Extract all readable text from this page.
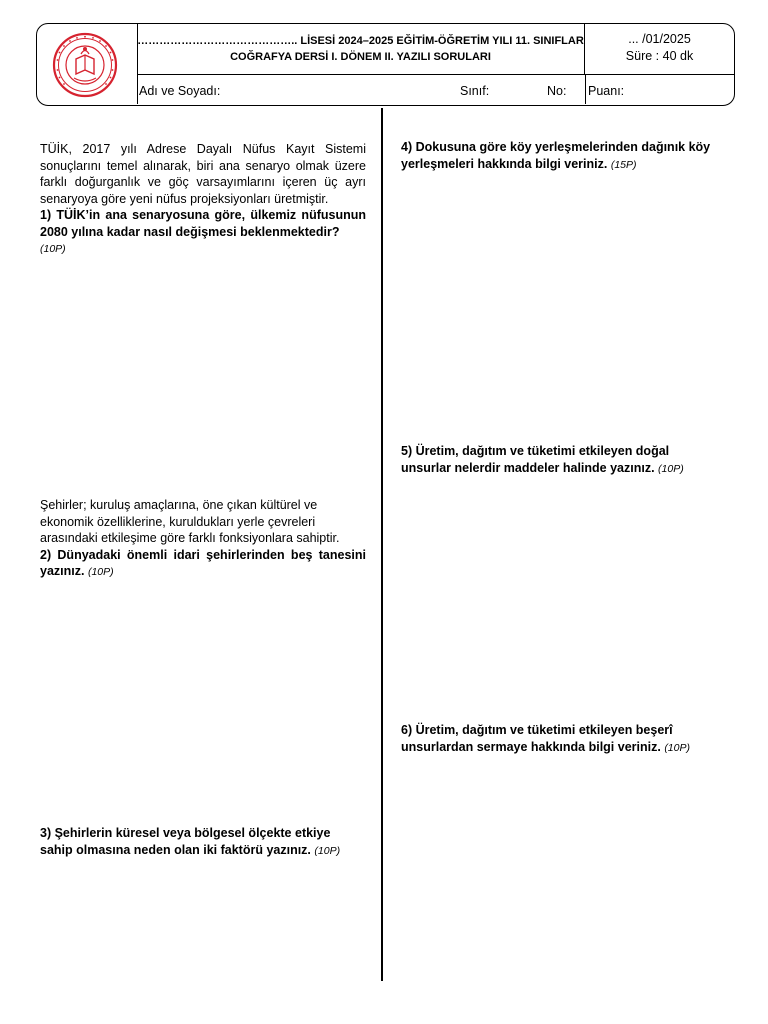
…………………………………….. LİSESİ 2024–2025 EĞİTİM-ÖĞRETİM YILI 11. SINIFLAR
COĞRAFYA DERSİ I. DÖNEM II. YAZILI SORULARI
... /01/2025
Süre : 40 dk
Adı ve Soyadı:	Sınıf:	No: Puanı:
TÜİK, 2017 yılı Adrese Dayalı Nüfus Kayıt Sistemi sonuçlarını temel alınarak, biri ana senaryo olmak üzere farklı doğurganlık ve göç varsayımlarını içeren üç ayrı senaryoya göre yeni nüfus projeksiyonları üretmiştir.
1) TÜİK’in ana senaryosuna göre, ülkemiz nüfusunun 2080 yılına kadar nasıl değişmesi beklenmektedir?
(10P)
Şehirler; kuruluş amaçlarına, öne çıkan kültürel ve ekonomik özelliklerine, kuruldukları yerle çevreleri arasındaki etkileşime göre farklı fonksiyonlara sahiptir.
2) Dünyadaki önemli idari şehirlerinden beş tanesini yazınız. (10P)
3) Şehirlerin küresel veya bölgesel ölçekte etkiye sahip olmasına neden olan iki faktörü yazınız. (10P)
4) Dokusuna göre köy yerleşmelerinden dağınık köy yerleşmeleri hakkında bilgi veriniz. (15P)
5) Üretim, dağıtım ve tüketimi etkileyen doğal unsurlar nelerdir maddeler halinde yazınız. (10P)
6) Üretim, dağıtım ve tüketimi etkileyen beşerî unsurlardan sermaye hakkında bilgi veriniz. (10P)
